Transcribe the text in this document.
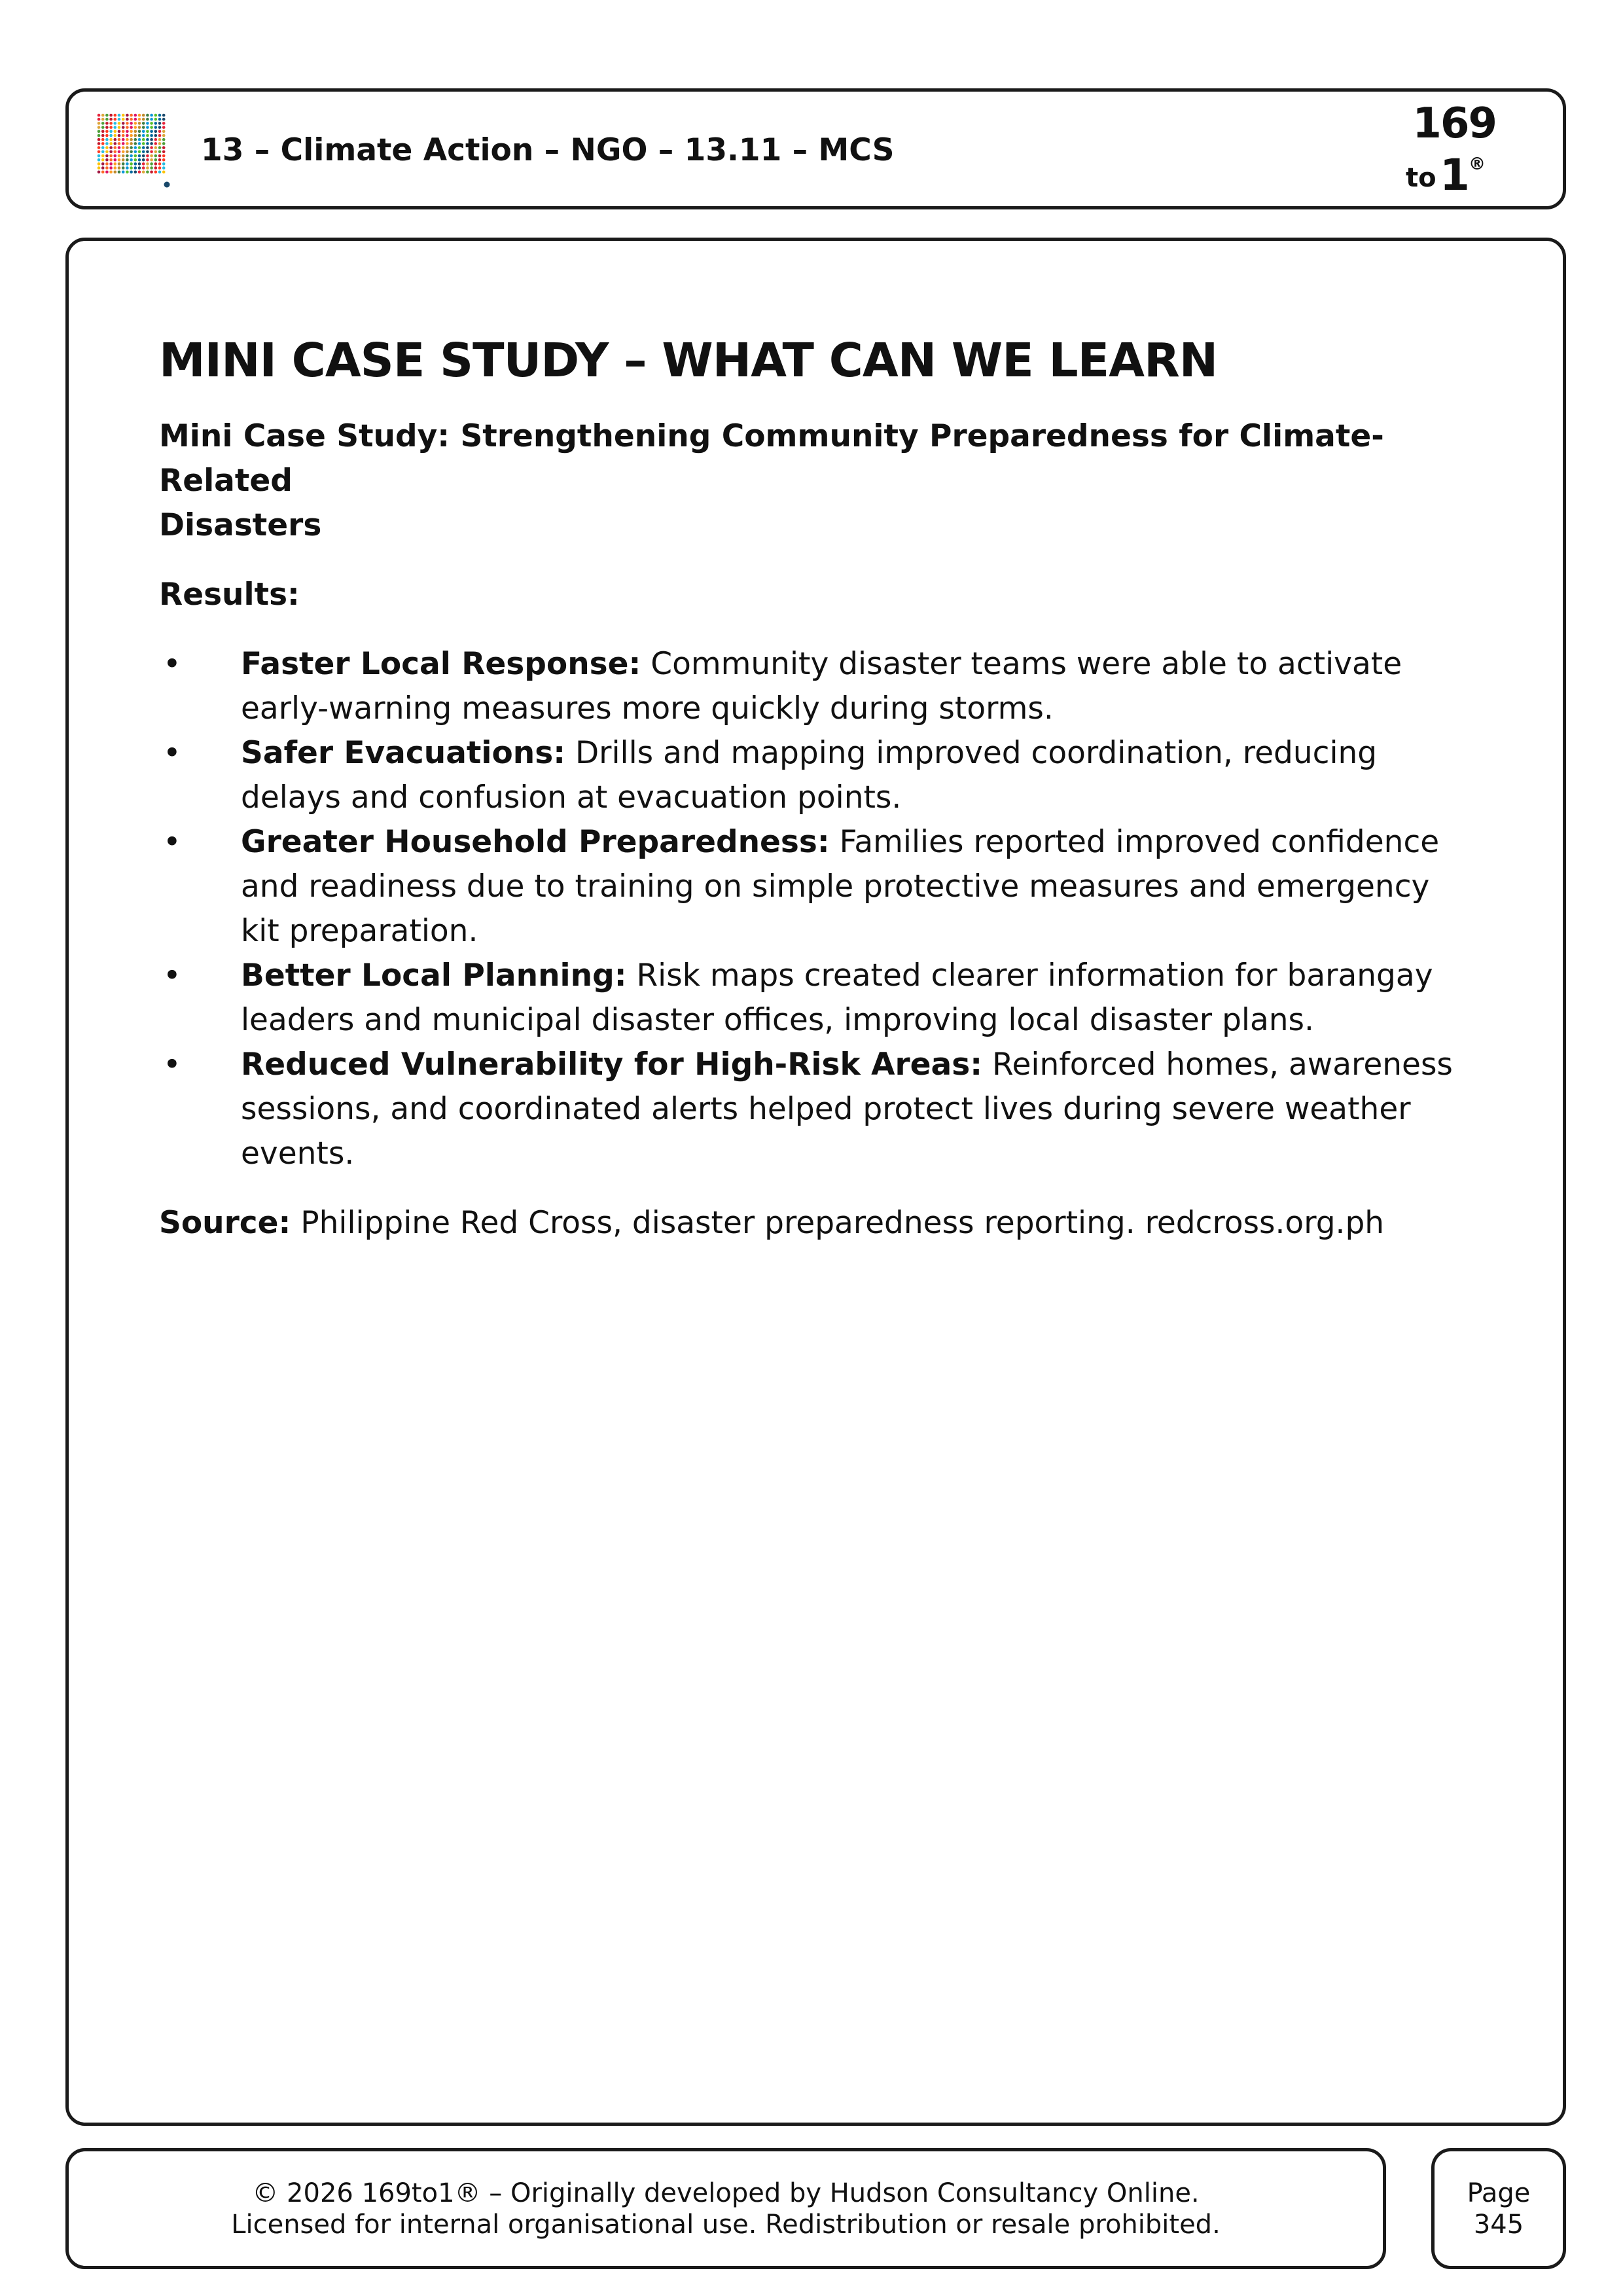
13 – Climate Action – NGO – 13.11 – MCS
169
to 1
®
MINI CASE STUDY – WHAT CAN WE LEARN
Mini Case Study: Strengthening Community Preparedness for Climate-Related
Disasters
Results:
• Faster Local Response: Community disaster teams were able to activate
early-warning measures more quickly during storms.
• Safer Evacuations: Drills and mapping improved coordination, reducing
delays and confusion at evacuation points.
• Greater Household Preparedness: Families reported improved confidence
and readiness due to training on simple protective measures and emergency
kit preparation.
• Better Local Planning: Risk maps created clearer information for barangay
leaders and municipal disaster offices, improving local disaster plans.
• Reduced Vulnerability for High-Risk Areas: Reinforced homes, awareness
sessions, and coordinated alerts helped protect lives during severe weather
events.

Source: Philippine Red Cross, disaster preparedness reporting. redcross.org.ph

© 2026 169to1® – Originally developed by Hudson Consultancy Online.
Licensed for internal organisational use. Redistribution or resale prohibited.
Page
345
